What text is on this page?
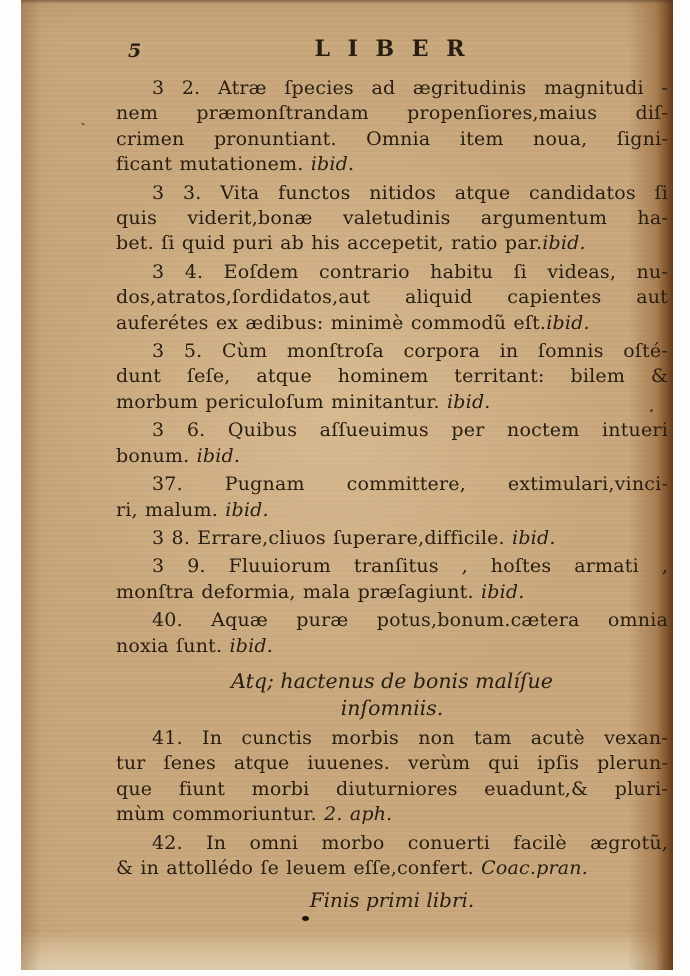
5	L I B E R
3 2. Atræ ſpecies ad ægritudinis magnitudi -
nem præmonſtrandam propenſiores,maius diſ-
crimen pronuntiant. Omnia item noua, ſigni-
ficant mutationem. ibid.
3 3. Vita functos nitidos atque candidatos ſi
quis viderit,bonæ valetudinis argumentum ha-
bet. ſi quid puri ab his accepetit, ratio par.ibid.
3 4. Eoſdem contrario habitu ſi videas, nu-
dos,atratos,ſordidatos,aut aliquid capientes aut
auferétes ex ædibus: minimè commodũ eſt.ibid.
3 5. Cùm monſtroſa corpora in ſomnis oſté-
dunt ſeſe, atque hominem territant: bilem &
morbum periculoſum minitantur. ibid.
3 6. Quibus aſſueuimus per noctem intueri
bonum. ibid.
37. Pugnam committere, extimulari,vinci-
ri, malum. ibid.
3 8. Errare,cliuos ſuperare,difficile. ibid.
3 9. Fluuiorum tranſitus , hoſtes armati ,
monſtra deformia, mala præſagiunt. ibid.
40. Aquæ puræ potus,bonum.cætera omnia
noxia ſunt. ibid.
Atq; hactenus de bonis malíſue
inſomniis.
41. In cunctis morbis non tam acutè vexan-
tur ſenes atque iuuenes. verùm qui ipſis plerun-
que fiunt morbi diuturniores euadunt,& pluri-
mùm commoriuntur. 2. aph.
42. In omni morbo conuerti facilè ægrotũ,
& in attollédo ſe leuem eſſe,confert. Coac.pran.
Finis primi libri.
